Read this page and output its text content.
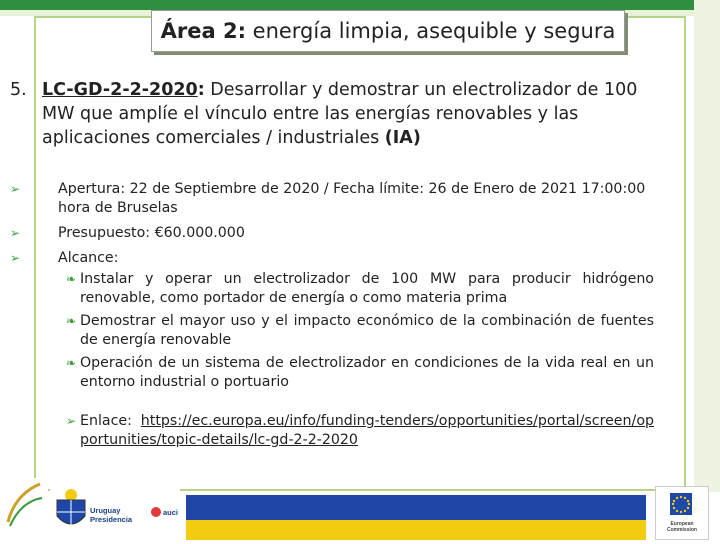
Área 2: energía limpia, asequible y segura
5. LC-GD-2-2-2020: Desarrollar y demostrar un electrolizador de 100 MW que amplíe el vínculo entre las energías renovables y las aplicaciones comerciales / industriales (IA)
➢	Apertura: 22 de Septiembre de 2020 / Fecha límite: 26 de Enero de 2021 17:00:00 hora de Bruselas
➢	Presupuesto: €60.000.000
➢	Alcance:
❧ Instalar y operar un electrolizador de 100 MW para producir hidrógeno renovable, como portador de energía o como materia prima
❧ Demostrar el mayor uso y el impacto económico de la combinación de fuentes de energía renovable
❧ Operación de un sistema de electrolizador en condiciones de la vida real en un entorno industrial o portuario
➢ Enlace: https://ec.europa.eu/info/funding-tenders/opportunities/portal/screen/opportunities/topic-details/lc-gd-2-2-2020
Uruguay
Presidencia
auci
European Commission
